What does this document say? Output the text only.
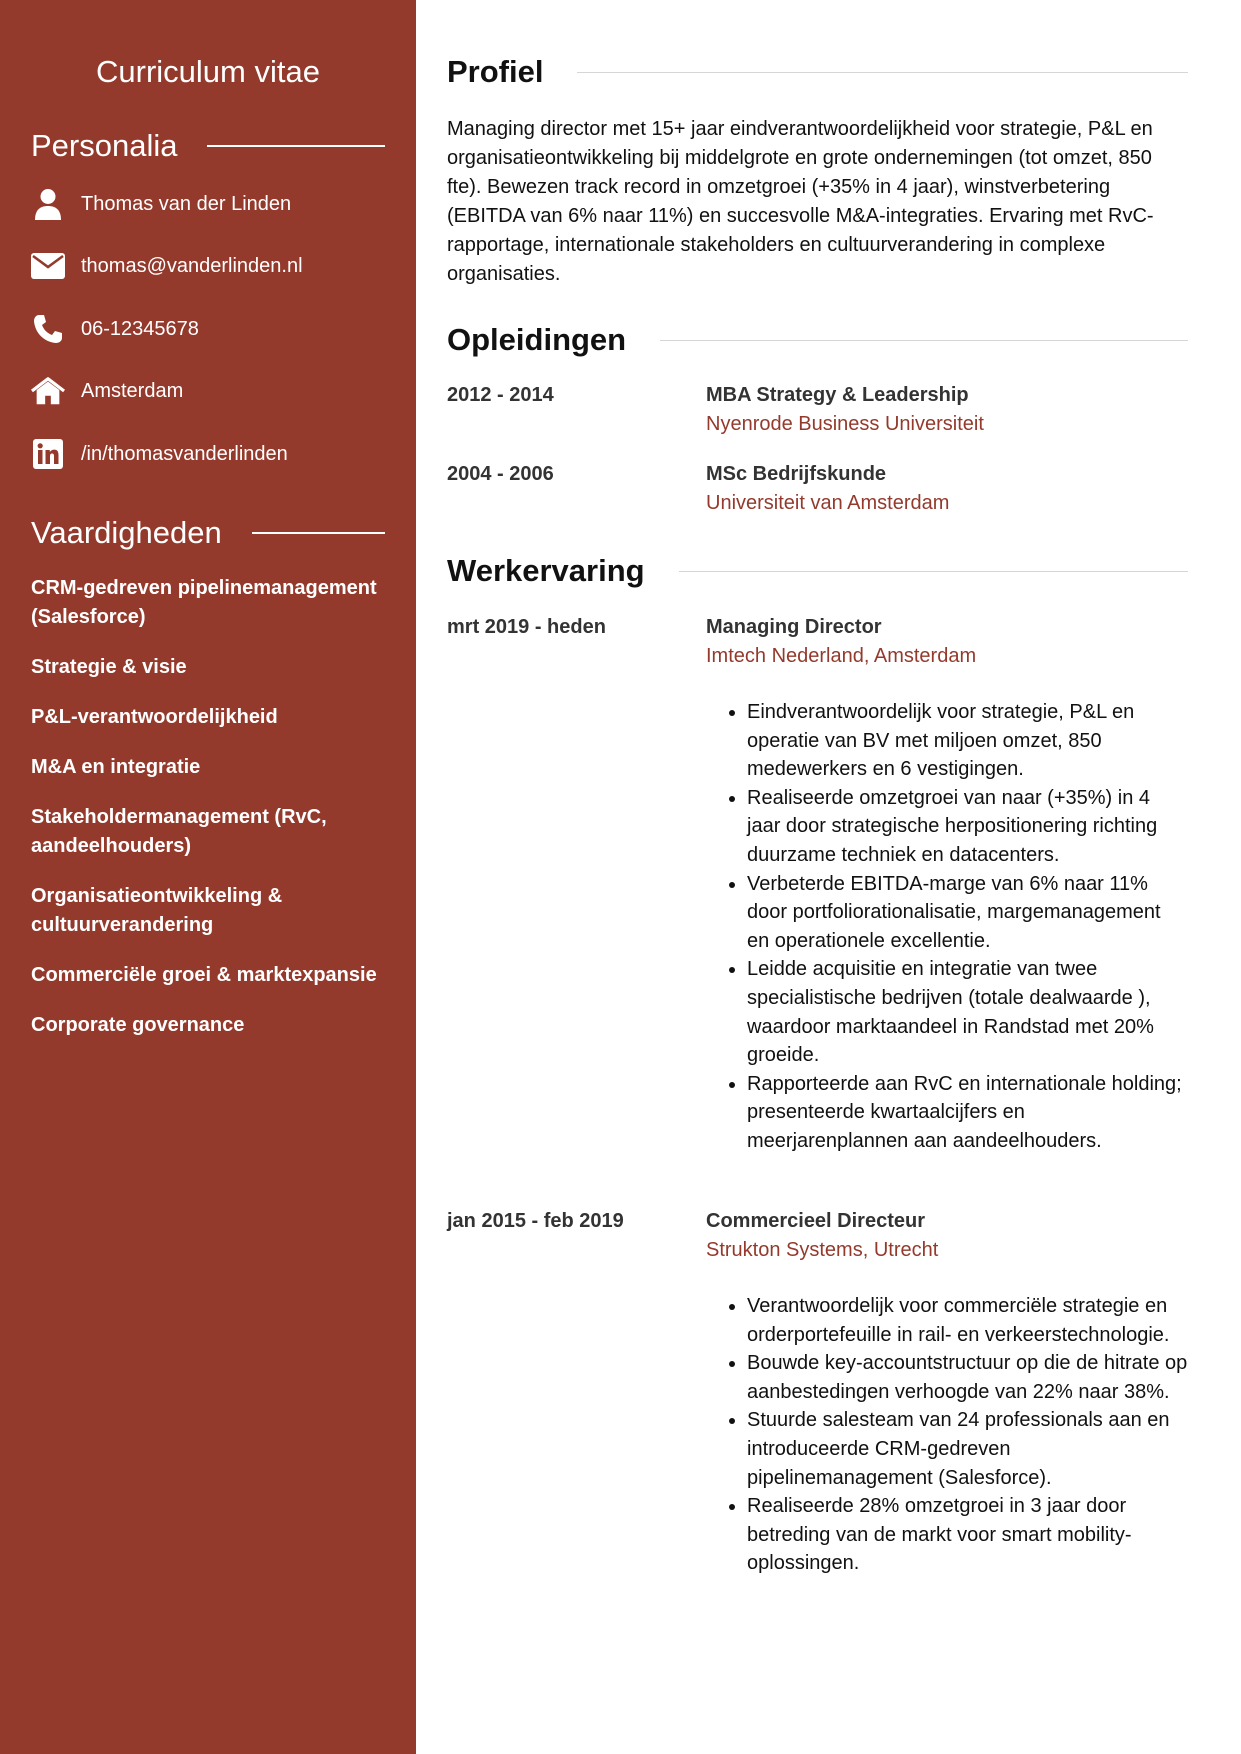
Curriculum vitae
Personalia
Thomas van der Linden
thomas@vanderlinden.nl
06-12345678
Amsterdam
/in/thomasvanderlinden
Vaardigheden
CRM-gedreven pipelinemanagement (Salesforce)
Strategie & visie
P&L-verantwoordelijkheid
M&A en integratie
Stakeholdermanagement (RvC, aandeelhouders)
Organisatieontwikkeling & cultuurverandering
Commerciële groei & marktexpansie
Corporate governance
Profiel
Managing director met 15+ jaar eindverantwoordelijkheid voor strategie, P&L en organisatieontwikkeling bij middelgrote en grote ondernemingen (tot omzet, 850 fte). Bewezen track record in omzetgroei (+35% in 4 jaar), winstverbetering (EBITDA van 6% naar 11%) en succesvolle M&A-integraties. Ervaring met RvC-rapportage, internationale stakeholders en cultuurverandering in complexe organisaties.
Opleidingen
2012 - 2014	MBA Strategy & Leadership
Nyenrode Business Universiteit
2004 - 2006	MSc Bedrijfskunde
Universiteit van Amsterdam
Werkervaring
mrt 2019 - heden	Managing Director
Imtech Nederland, Amsterdam
• Eindverantwoordelijk voor strategie, P&L en operatie van BV met miljoen omzet, 850 medewerkers en 6 vestigingen.
• Realiseerde omzetgroei van naar (+35%) in 4 jaar door strategische herpositionering richting duurzame techniek en datacenters.
• Verbeterde EBITDA-marge van 6% naar 11% door portfoliorationalisatie, margemanagement en operationele excellentie.
• Leidde acquisitie en integratie van twee specialistische bedrijven (totale dealwaarde ), waardoor marktaandeel in Randstad met 20% groeide.
• Rapporteerde aan RvC en internationale holding; presenteerde kwartaalcijfers en meerjarenplannen aan aandeelhouders.
jan 2015 - feb 2019	Commercieel Directeur
Strukton Systems, Utrecht
• Verantwoordelijk voor commerciële strategie en orderportefeuille in rail- en verkeerstechnologie.
• Bouwde key-accountstructuur op die de hitrate op aanbestedingen verhoogde van 22% naar 38%.
• Stuurde salesteam van 24 professionals aan en introduceerde CRM-gedreven pipelinemanagement (Salesforce).
• Realiseerde 28% omzetgroei in 3 jaar door betreding van de markt voor smart mobility-oplossingen.
